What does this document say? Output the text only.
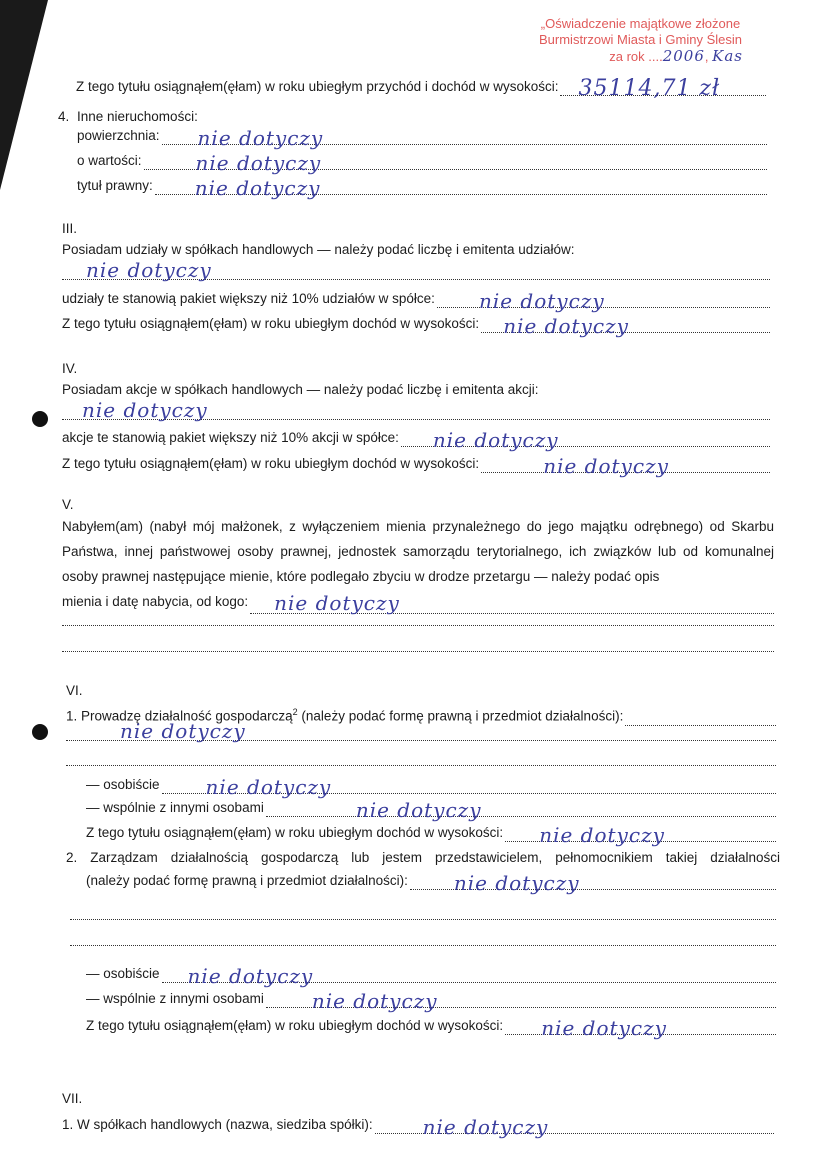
„Oświadczenie majątkowe złożone
Burmistrzowi Miasta i Gminy Ślesin
za rok ....2006, Kas
Z tego tytułu osiągnąłem(ęłam) w roku ubiegłym przychód i dochód w wysokości: 35114,71 zł
4. Inne nieruchomości:
powierzchnia: nie dotyczy
o wartości:	nie dotyczy
tytuł prawny: nie dotyczy
III.
Posiadam udziały w spółkach handlowych — należy podać liczbę i emitenta udziałów:
nie dotyczy
udziały te stanowią pakiet większy niż 10% udziałów w spółce: nie dotyczy
Z tego tytułu osiągnąłem(ęłam) w roku ubiegłym dochód w wysokości: nie dotyczy
IV.
Posiadam akcje w spółkach handlowych — należy podać liczbę i emitenta akcji:
nie dotyczy
akcje te stanowią pakiet większy niż 10% akcji w spółce: nie dotyczy
Z tego tytułu osiągnąłem(ęłam) w roku ubiegłym dochód w wysokości:	nie dotyczy
V.
Nabyłem(am) (nabył mój małżonek, z wyłączeniem mienia przynależnego do jego majątku odrębnego) od Skarbu Państwa, innej państwowej osoby prawnej, jednostek samorządu terytorialnego, ich związków lub od komunalnej osoby prawnej następujące mienie, które podlegało zbyciu w drodze przetargu — należy podać opis
mienia i datę nabycia, od kogo: nie dotyczy
VI.
1. Prowadzę działalność gospodarczą$^2$ (należy podać formę prawną i przedmiot działalności):
nie dotyczy
— osobiście nie dotyczy
— wspólnie z innymi osobami	nie dotyczy
Z tego tytułu osiągnąłem(ęłam) w roku ubiegłym dochód w wysokości: nie dotyczy
2. Zarządzam działalnością gospodarczą lub jestem przedstawicielem, pełnomocnikiem takiej działalności
(należy podać formę prawną i przedmiot działalności): nie dotyczy
— osobiście nie dotyczy
— wspólnie z innymi osobami nie dotyczy
Z tego tytułu osiągnąłem(ęłam) w roku ubiegłym dochód w wysokości: nie dotyczy
VII.
1. W spółkach handlowych (nazwa, siedziba spółki):	nie dotyczy
